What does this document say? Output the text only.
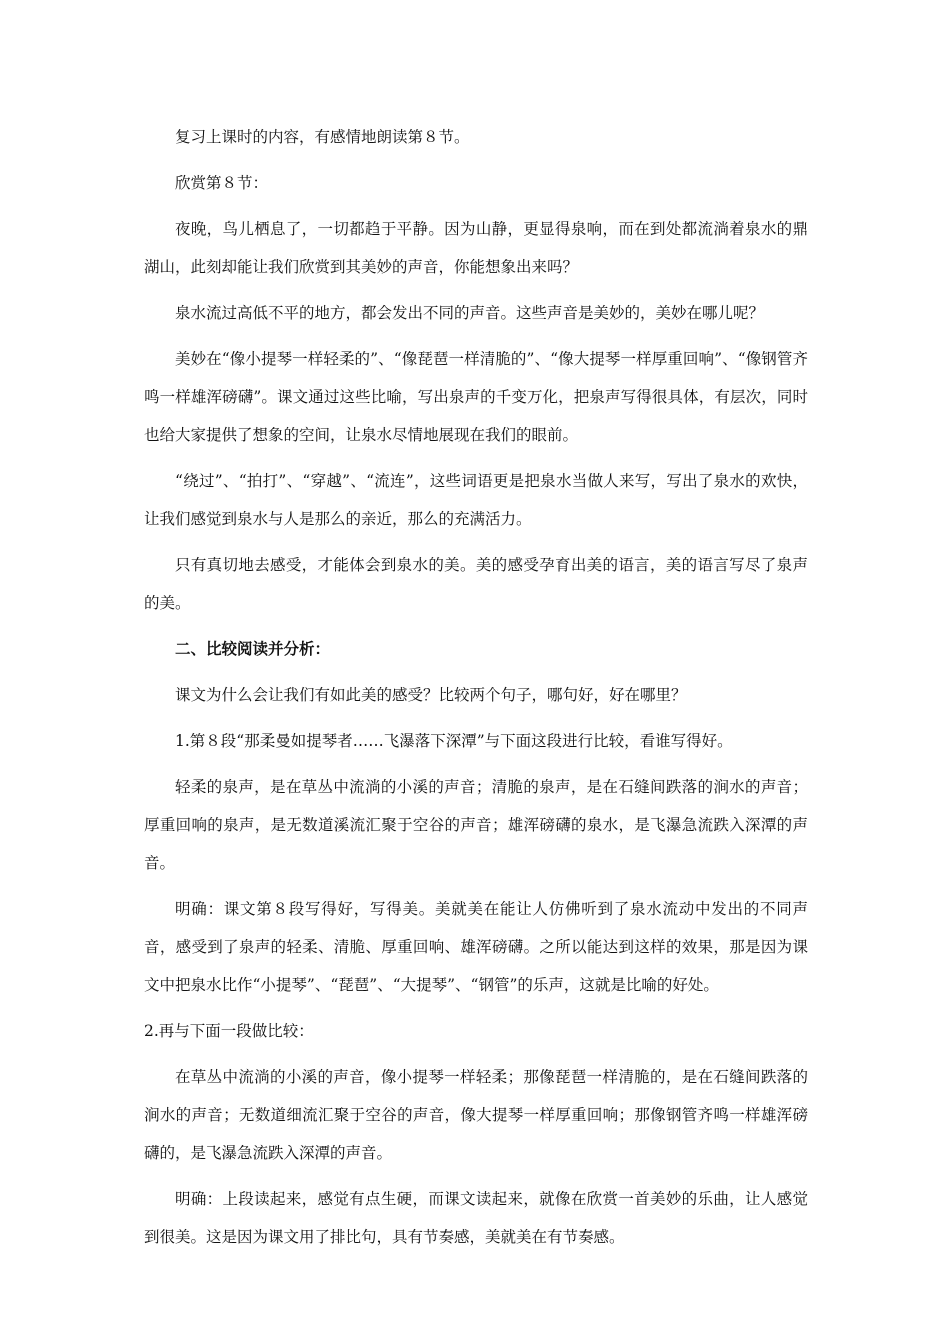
复习上课时的内容，有感情地朗读第８节。

欣赏第８节：

夜晚，鸟儿栖息了，一切都趋于平静。因为山静，更显得泉响，而在到处都流淌着泉水的鼎湖山，此刻却能让我们欣赏到其美妙的声音，你能想象出来吗？

泉水流过高低不平的地方，都会发出不同的声音。这些声音是美妙的，美妙在哪儿呢？

美妙在“像小提琴一样轻柔的”、“像琵琶一样清脆的”、“像大提琴一样厚重回响”、“像钢管齐鸣一样雄浑磅礴”。课文通过这些比喻，写出泉声的千变万化，把泉声写得很具体，有层次，同时也给大家提供了想象的空间，让泉水尽情地展现在我们的眼前。

“绕过”、“拍打”、“穿越”、“流连”，这些词语更是把泉水当做人来写，写出了泉水的欢快，让我们感觉到泉水与人是那么的亲近，那么的充满活力。

只有真切地去感受，才能体会到泉水的美。美的感受孕育出美的语言，美的语言写尽了泉声的美。

二、比较阅读并分析：

课文为什么会让我们有如此美的感受？比较两个句子，哪句好，好在哪里？

1.第８段“那柔曼如提琴者……飞瀑落下深潭”与下面这段进行比较，看谁写得好。

轻柔的泉声，是在草丛中流淌的小溪的声音；清脆的泉声，是在石缝间跌落的涧水的声音；厚重回响的泉声，是无数道溪流汇聚于空谷的声音；雄浑磅礴的泉水，是飞瀑急流跌入深潭的声音。

明确：课文第８段写得好，写得美。美就美在能让人仿佛听到了泉水流动中发出的不同声音，感受到了泉声的轻柔、清脆、厚重回响、雄浑磅礴。之所以能达到这样的效果，那是因为课文中把泉水比作“小提琴”、“琵琶”、“大提琴”、“钢管”的乐声，这就是比喻的好处。

2.再与下面一段做比较：

在草丛中流淌的小溪的声音，像小提琴一样轻柔；那像琵琶一样清脆的，是在石缝间跌落的涧水的声音；无数道细流汇聚于空谷的声音，像大提琴一样厚重回响；那像钢管齐鸣一样雄浑磅礴的，是飞瀑急流跌入深潭的声音。

明确：上段读起来，感觉有点生硬，而课文读起来，就像在欣赏一首美妙的乐曲，让人感觉到很美。这是因为课文用了排比句，具有节奏感，美就美在有节奏感。
